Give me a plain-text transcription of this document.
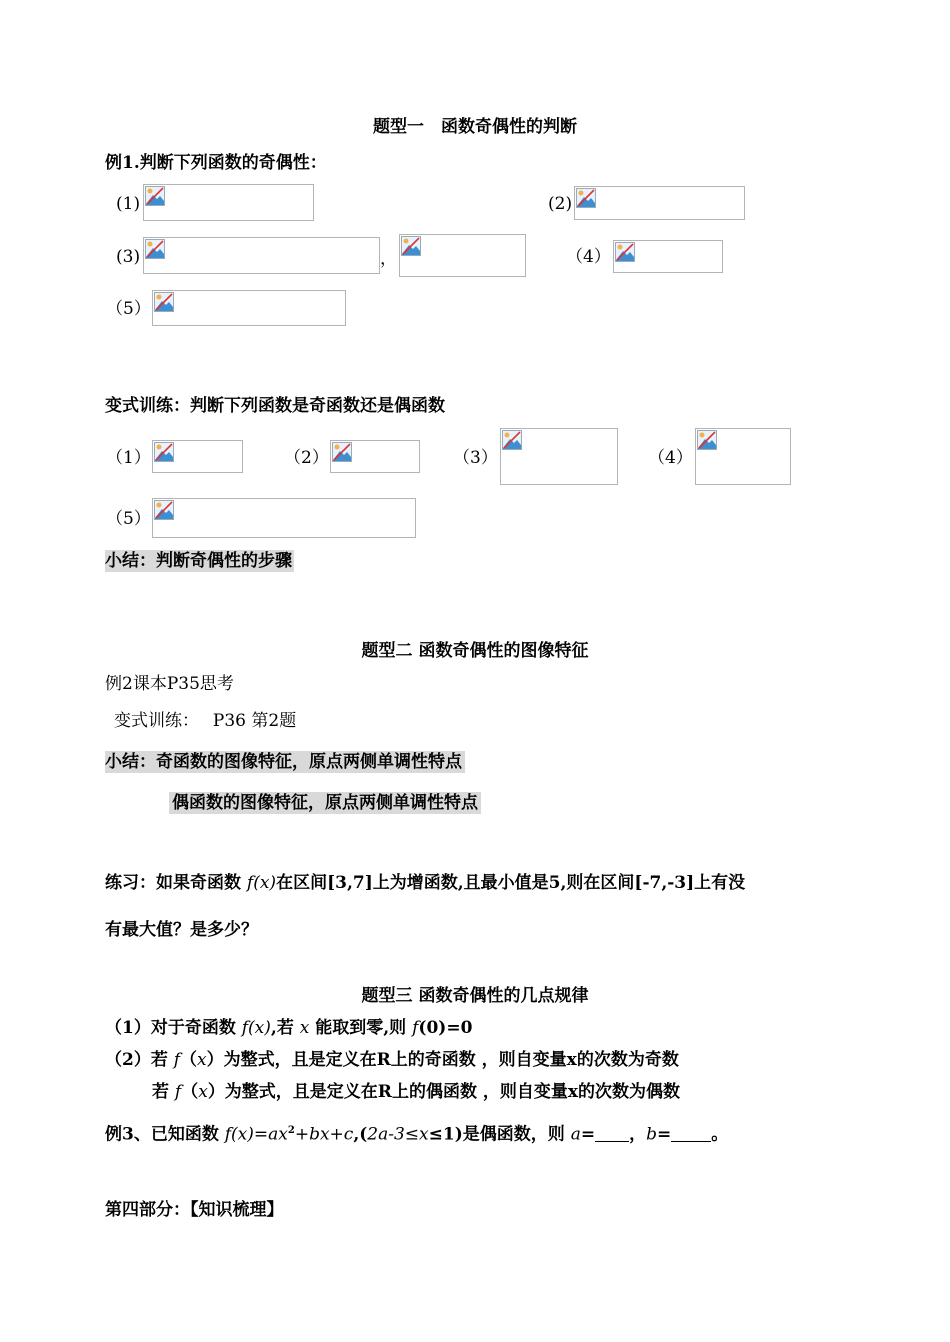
题型一　函数奇偶性的判断
例1.判断下列函数的奇偶性：
(1)	(2)
(3)	，	（4）
（5）
变式训练：判断下列函数是奇函数还是偶函数
（1）	（2）	（3）	（4）
（5）
小结：判断奇偶性的步骤
题型二 函数奇偶性的图像特征
例2课本P35思考
变式训练：　 P36 第2题
小结：奇函数的图像特征，原点两侧单调性特点
偶函数的图像特征，原点两侧单调性特点
练习：如果奇函数 f(x)在区间[3,7]上为增函数,且最小值是5,则在区间[-7,-3]上有没
有最大值？是多少？
题型三 函数奇偶性的几点规律
（1）对于奇函数 f(x),若 x 能取到零,则 f(0)=0
（2）若 f（x）为整式，且是定义在R上的奇函数 ，则自变量x的次数为奇数
若 f（x）为整式，且是定义在R上的偶函数 ，则自变量x的次数为偶数
例3、已知函数 $f(x)=ax^2+bx+c,(2a-3\le x\le 1)$是偶函数，则 a= ，b= 。
第四部分：【知识梳理】
